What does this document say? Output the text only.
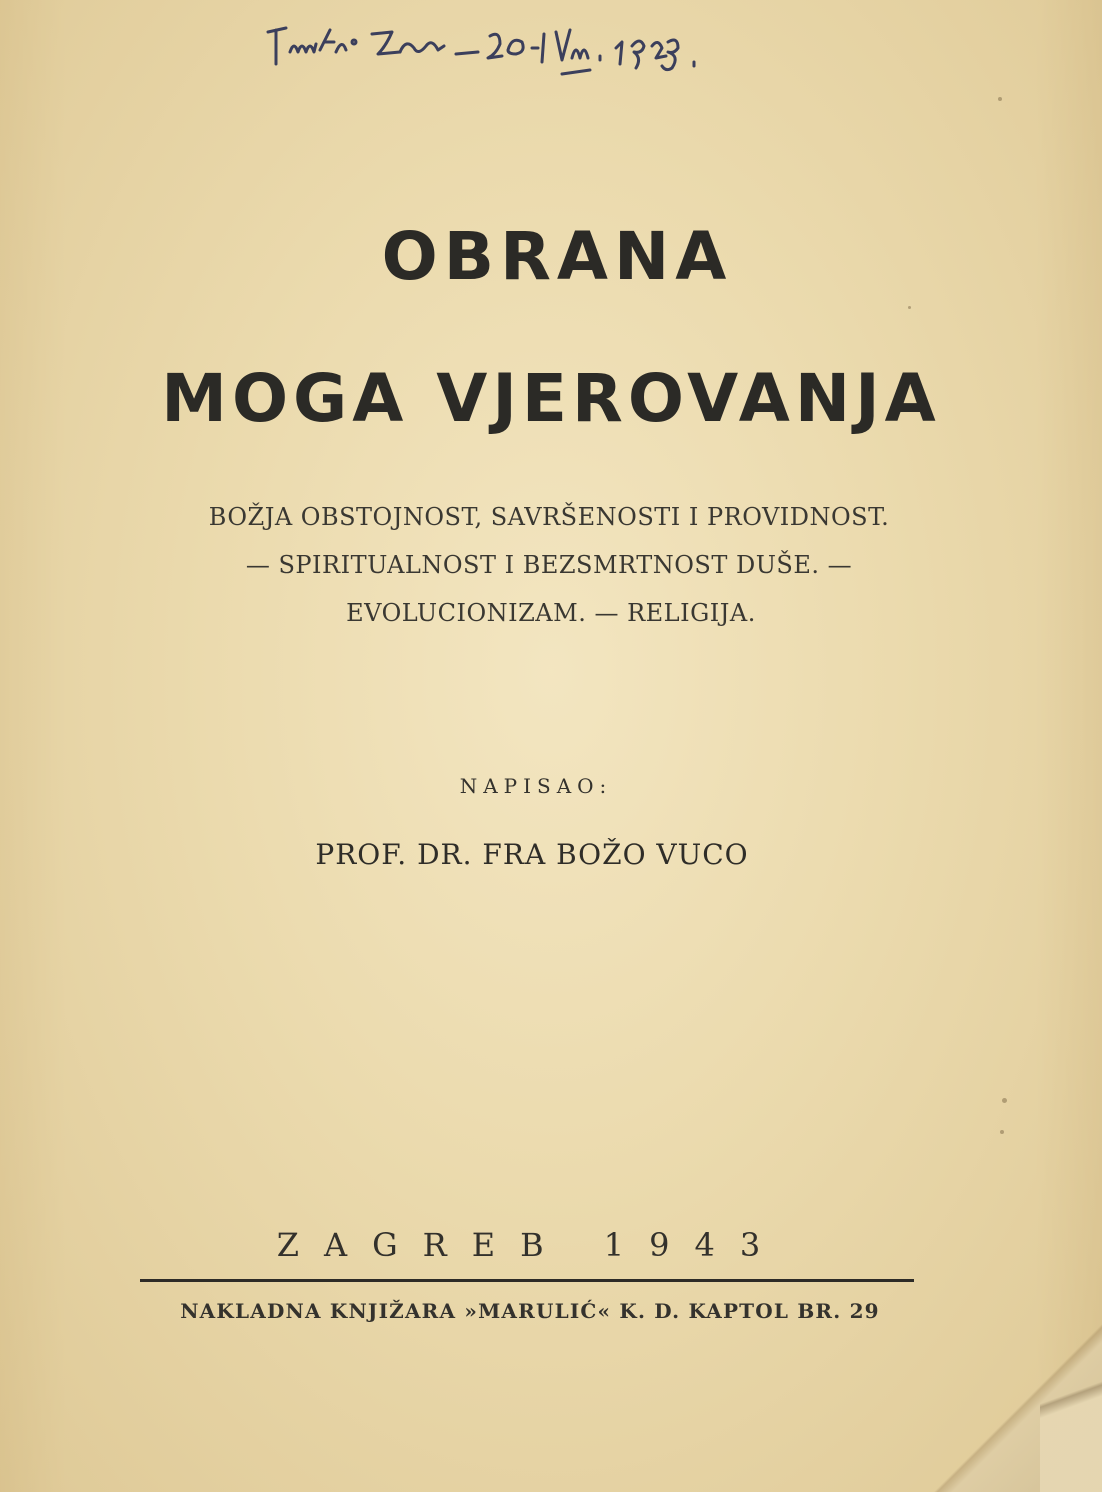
OBRANA
MOGA VJEROVANJA
BOŽJA OBSTOJNOST, SAVRŠENOSTI I PROVIDNOST.
— SPIRITUALNOST I BEZSMRTNOST DUŠE. —
EVOLUCIONIZAM. — RELIGIJA.
NAPISAO:
PROF. DR. FRA BOŽO VUCO
ZAGREB 1943
NAKLADNA KNJIŽARA »MARULIĆ« K. D. KAPTOL BR. 29
